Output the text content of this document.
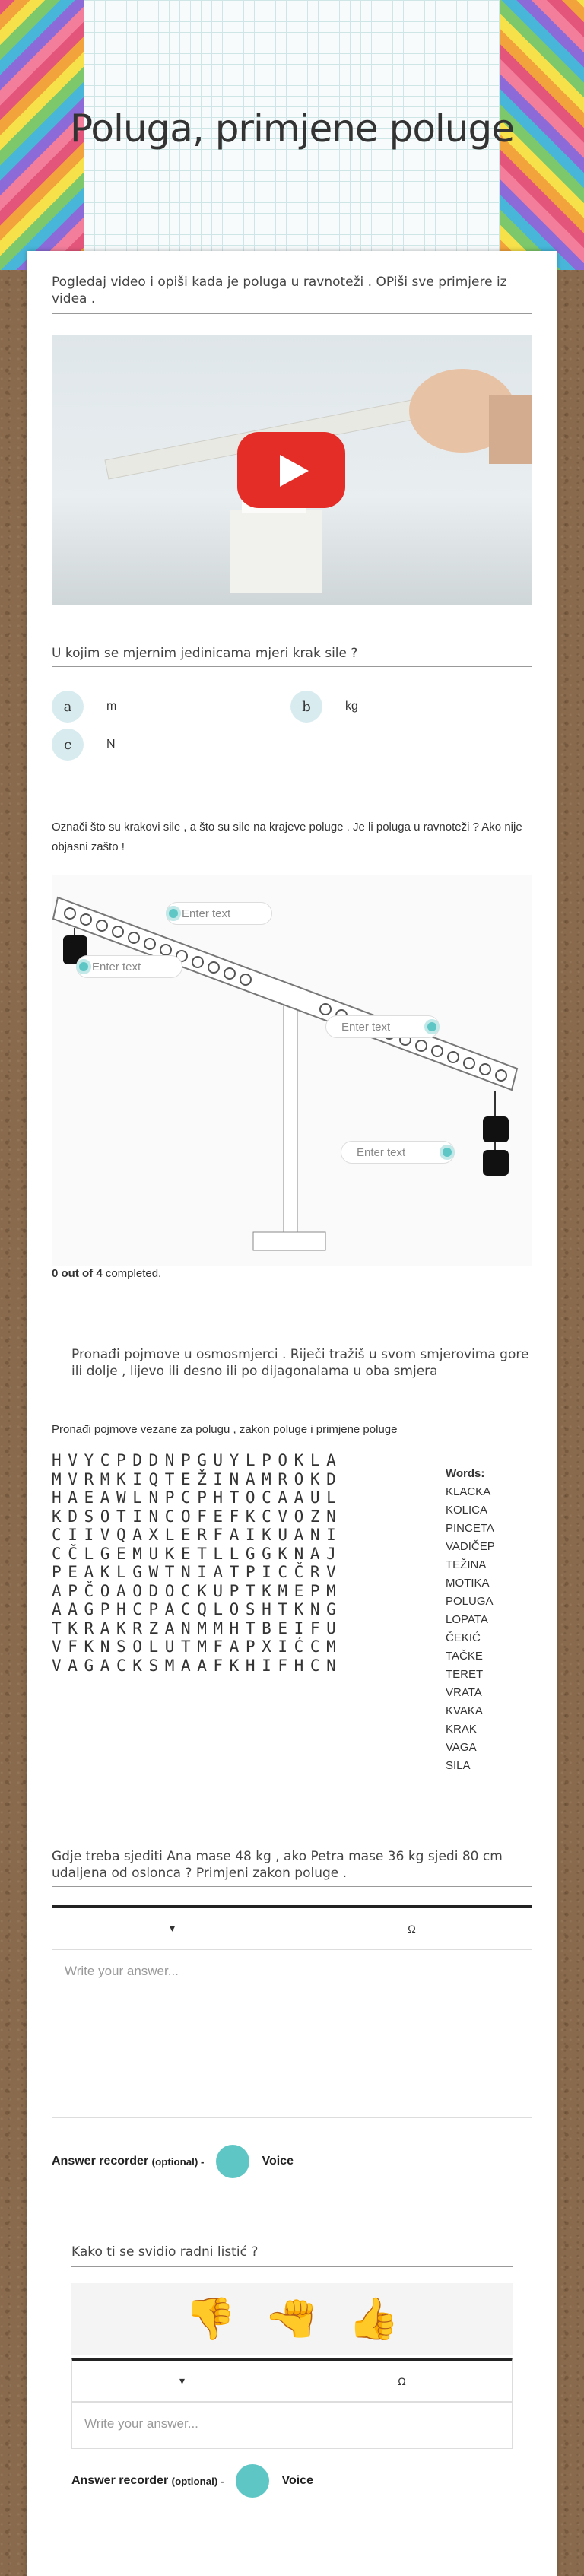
Poluga, primjene poluge
Pogledaj video i opiši kada je poluga u ravnoteži . OPiši sve primjere iz videa .
U kojim se mjernim jedinicama mjeri krak sile ?
a	m	b	kg
c	N
Označi što su krakovi sile , a što su sile na krajeve poluge . Je li poluga u ravnoteži ? Ako nije objasni zašto !
Enter text
Enter text
Enter text
Enter text
0 out of 4 completed.
Pronađi pojmove u osmosmjerci . Riječi tražiš u svom smjerovima gore ili dolje , lijevo ili desno ili po dijagonalama u oba smjera
Pronađi pojmove vezane za polugu , zakon poluge i primjene poluge
HVYCPDDNPGUYLPOKLA
MVRMKIQTEŽINAMROKD
HAEAWLNPCPHTOCAAUL
KDSOTINCOFEFKCVOZN
CIIVQAXLERFAIKUANI
CČLGEMUKETLLGGKNAJ
PEAKLGWTNIATPICČRV
APČOAODOCKUPTKMEPM
AAGPHCPACQLOSHTKNG
TKRAKRZANMMHTBEIFU
VFKNSOLUTMFAPXIĆCM
VAGACKSMAAFKHIFHCN
Words:
KLACKA
KOLICA
PINCETA
VADIČEP
TEŽINA
MOTIKA
POLUGA
LOPATA
ČEKIĆ
TAČKE
TERET
VRATA
KVAKA
KRAK
VAGA
SILA
Gdje treba sjediti Ana mase 48 kg , ako Petra mase 36 kg sjedi 80 cm udaljena od oslonca ? Primjeni zakon poluge .
▾	Ω
Write your answer...
Answer recorder
(optional) -	Voice
Kako ti se svidio radni listić ?
👎 👍 👍
▾	Ω
Write your answer...
Answer recorder
(optional) -	Voice
